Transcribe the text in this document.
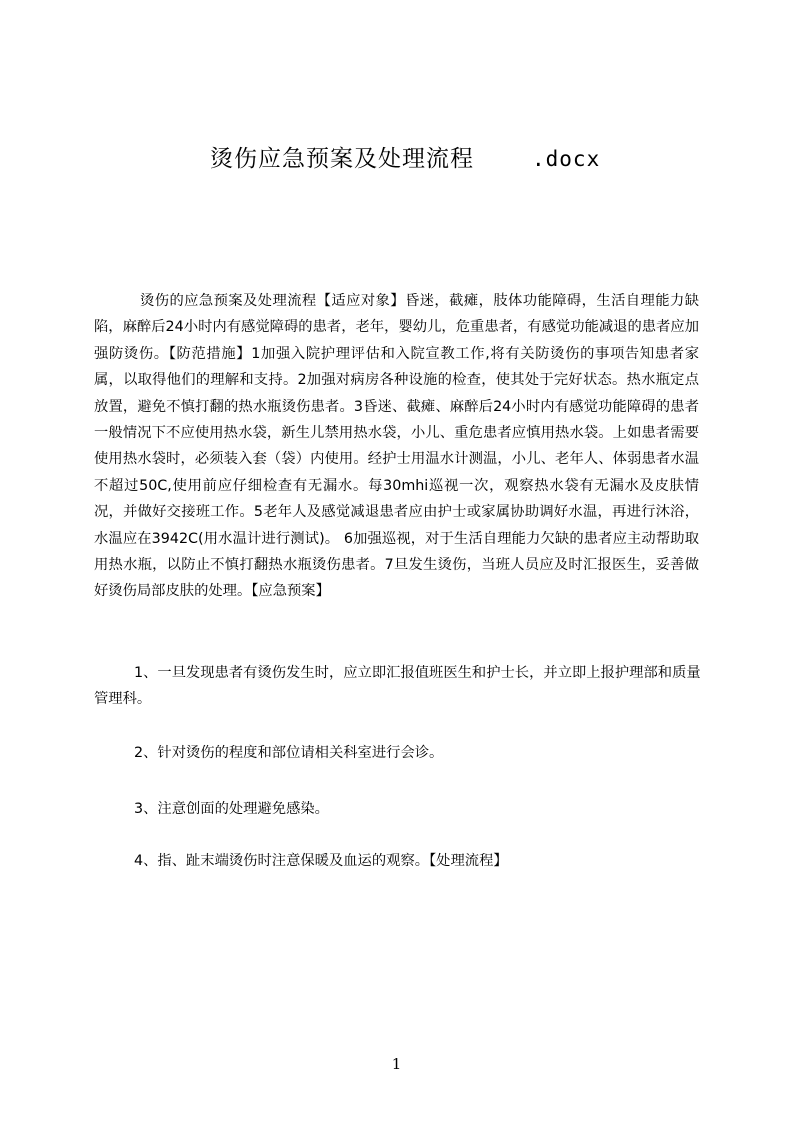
烫伤应急预案及处理流程	.docx

烫伤的应急预案及处理流程【适应对象】昏迷，截瘫，肢体功能障碍，生活自理能力缺陷，麻醉后24小时内有感觉障碍的患者，老年，婴幼儿，危重患者，有感觉功能减退的患者应加强防烫伤。【防范措施】1加强入院护理评估和入院宣教工作,将有关防烫伤的事项告知患者家属，以取得他们的理解和支持。2加强对病房各种设施的检查，使其处于完好状态。热水瓶定点放置，避免不慎打翻的热水瓶烫伤患者。3昏迷、截瘫、麻醉后24小时内有感觉功能障碍的患者一般情况下不应使用热水袋，新生儿禁用热水袋，小儿、重危患者应慎用热水袋。上如患者需要使用热水袋时，必须装入套（袋）内使用。经护士用温水计测温，小儿、老年人、体弱患者水温不超过50C,使用前应仔细检查有无漏水。每30mhi巡视一次，观察热水袋有无漏水及皮肤情况，并做好交接班工作。5老年人及感觉减退患者应由护士或家属协助调好水温，再进行沐浴，水温应在3942C(用水温计进行测试)。 6加强巡视，对于生活自理能力欠缺的患者应主动帮助取用热水瓶，以防止不慎打翻热水瓶烫伤患者。7旦发生烫伤，当班人员应及时汇报医生，妥善做好烫伤局部皮肤的处理。【应急预案】

1、一旦发现患者有烫伤发生时，应立即汇报值班医生和护士长，并立即上报护理部和质量管理科。

2、针对烫伤的程度和部位请相关科室进行会诊。

3、注意创面的处理避免感染。

4、指、趾末端烫伤时注意保暖及血运的观察。【处理流程】

1
